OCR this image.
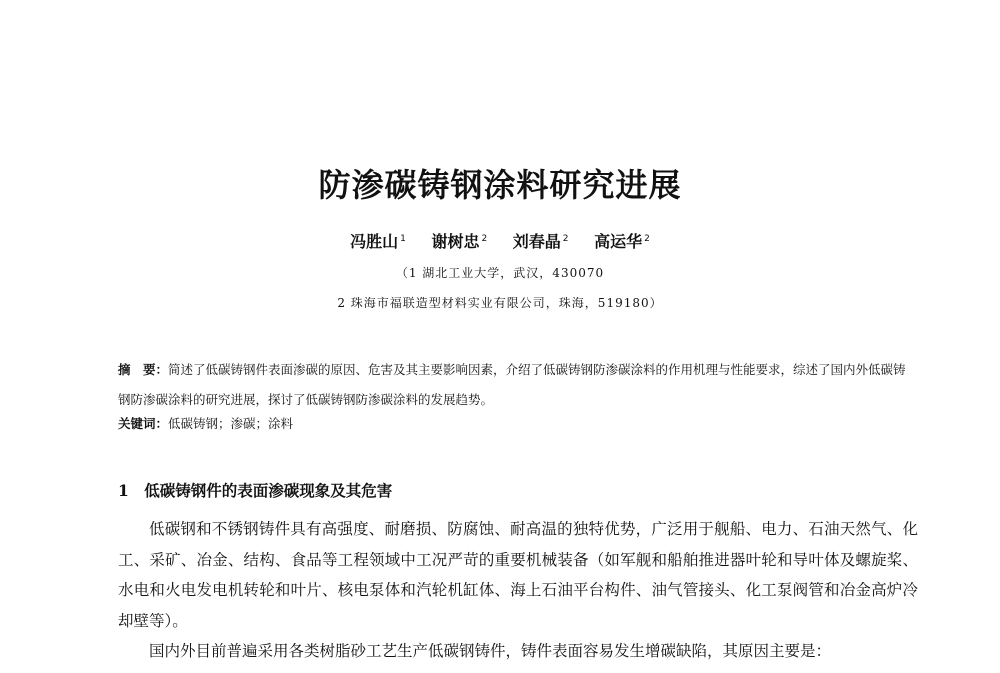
防渗碳铸钢涂料研究进展
冯胜山 $^1$ 谢树忠 $^2$ 刘春晶 $^2$ 高运华 $^2$
（1 湖北工业大学，武汉，430070
2 珠海市福联造型材料实业有限公司，珠海，519180）
摘　要：简述了低碳铸钢件表面渗碳的原因、危害及其主要影响因素，介绍了低碳铸钢防渗碳涂料的作用机理与性能要求，综述了国内外低碳铸钢防渗碳涂料的研究进展，探讨了低碳铸钢防渗碳涂料的发展趋势。
关键词：低碳铸钢；渗碳；涂料
1　低碳铸钢件的表面渗碳现象及其危害

低碳钢和不锈钢铸件具有高强度、耐磨损、防腐蚀、耐高温的独特优势，广泛用于舰船、电力、石油天然气、化工、采矿、冶金、结构、食品等工程领域中工况严苛的重要机械装备（如军舰和船舶推进器叶轮和导叶体及螺旋桨、水电和火电发电机转轮和叶片、核电泵体和汽轮机缸体、海上石油平台构件、油气管接头、化工泵阀管和冶金高炉冷却壁等）。

国内外目前普遍采用各类树脂砂工艺生产低碳钢铸件，铸件表面容易发生增碳缺陷，其原因主要是：
